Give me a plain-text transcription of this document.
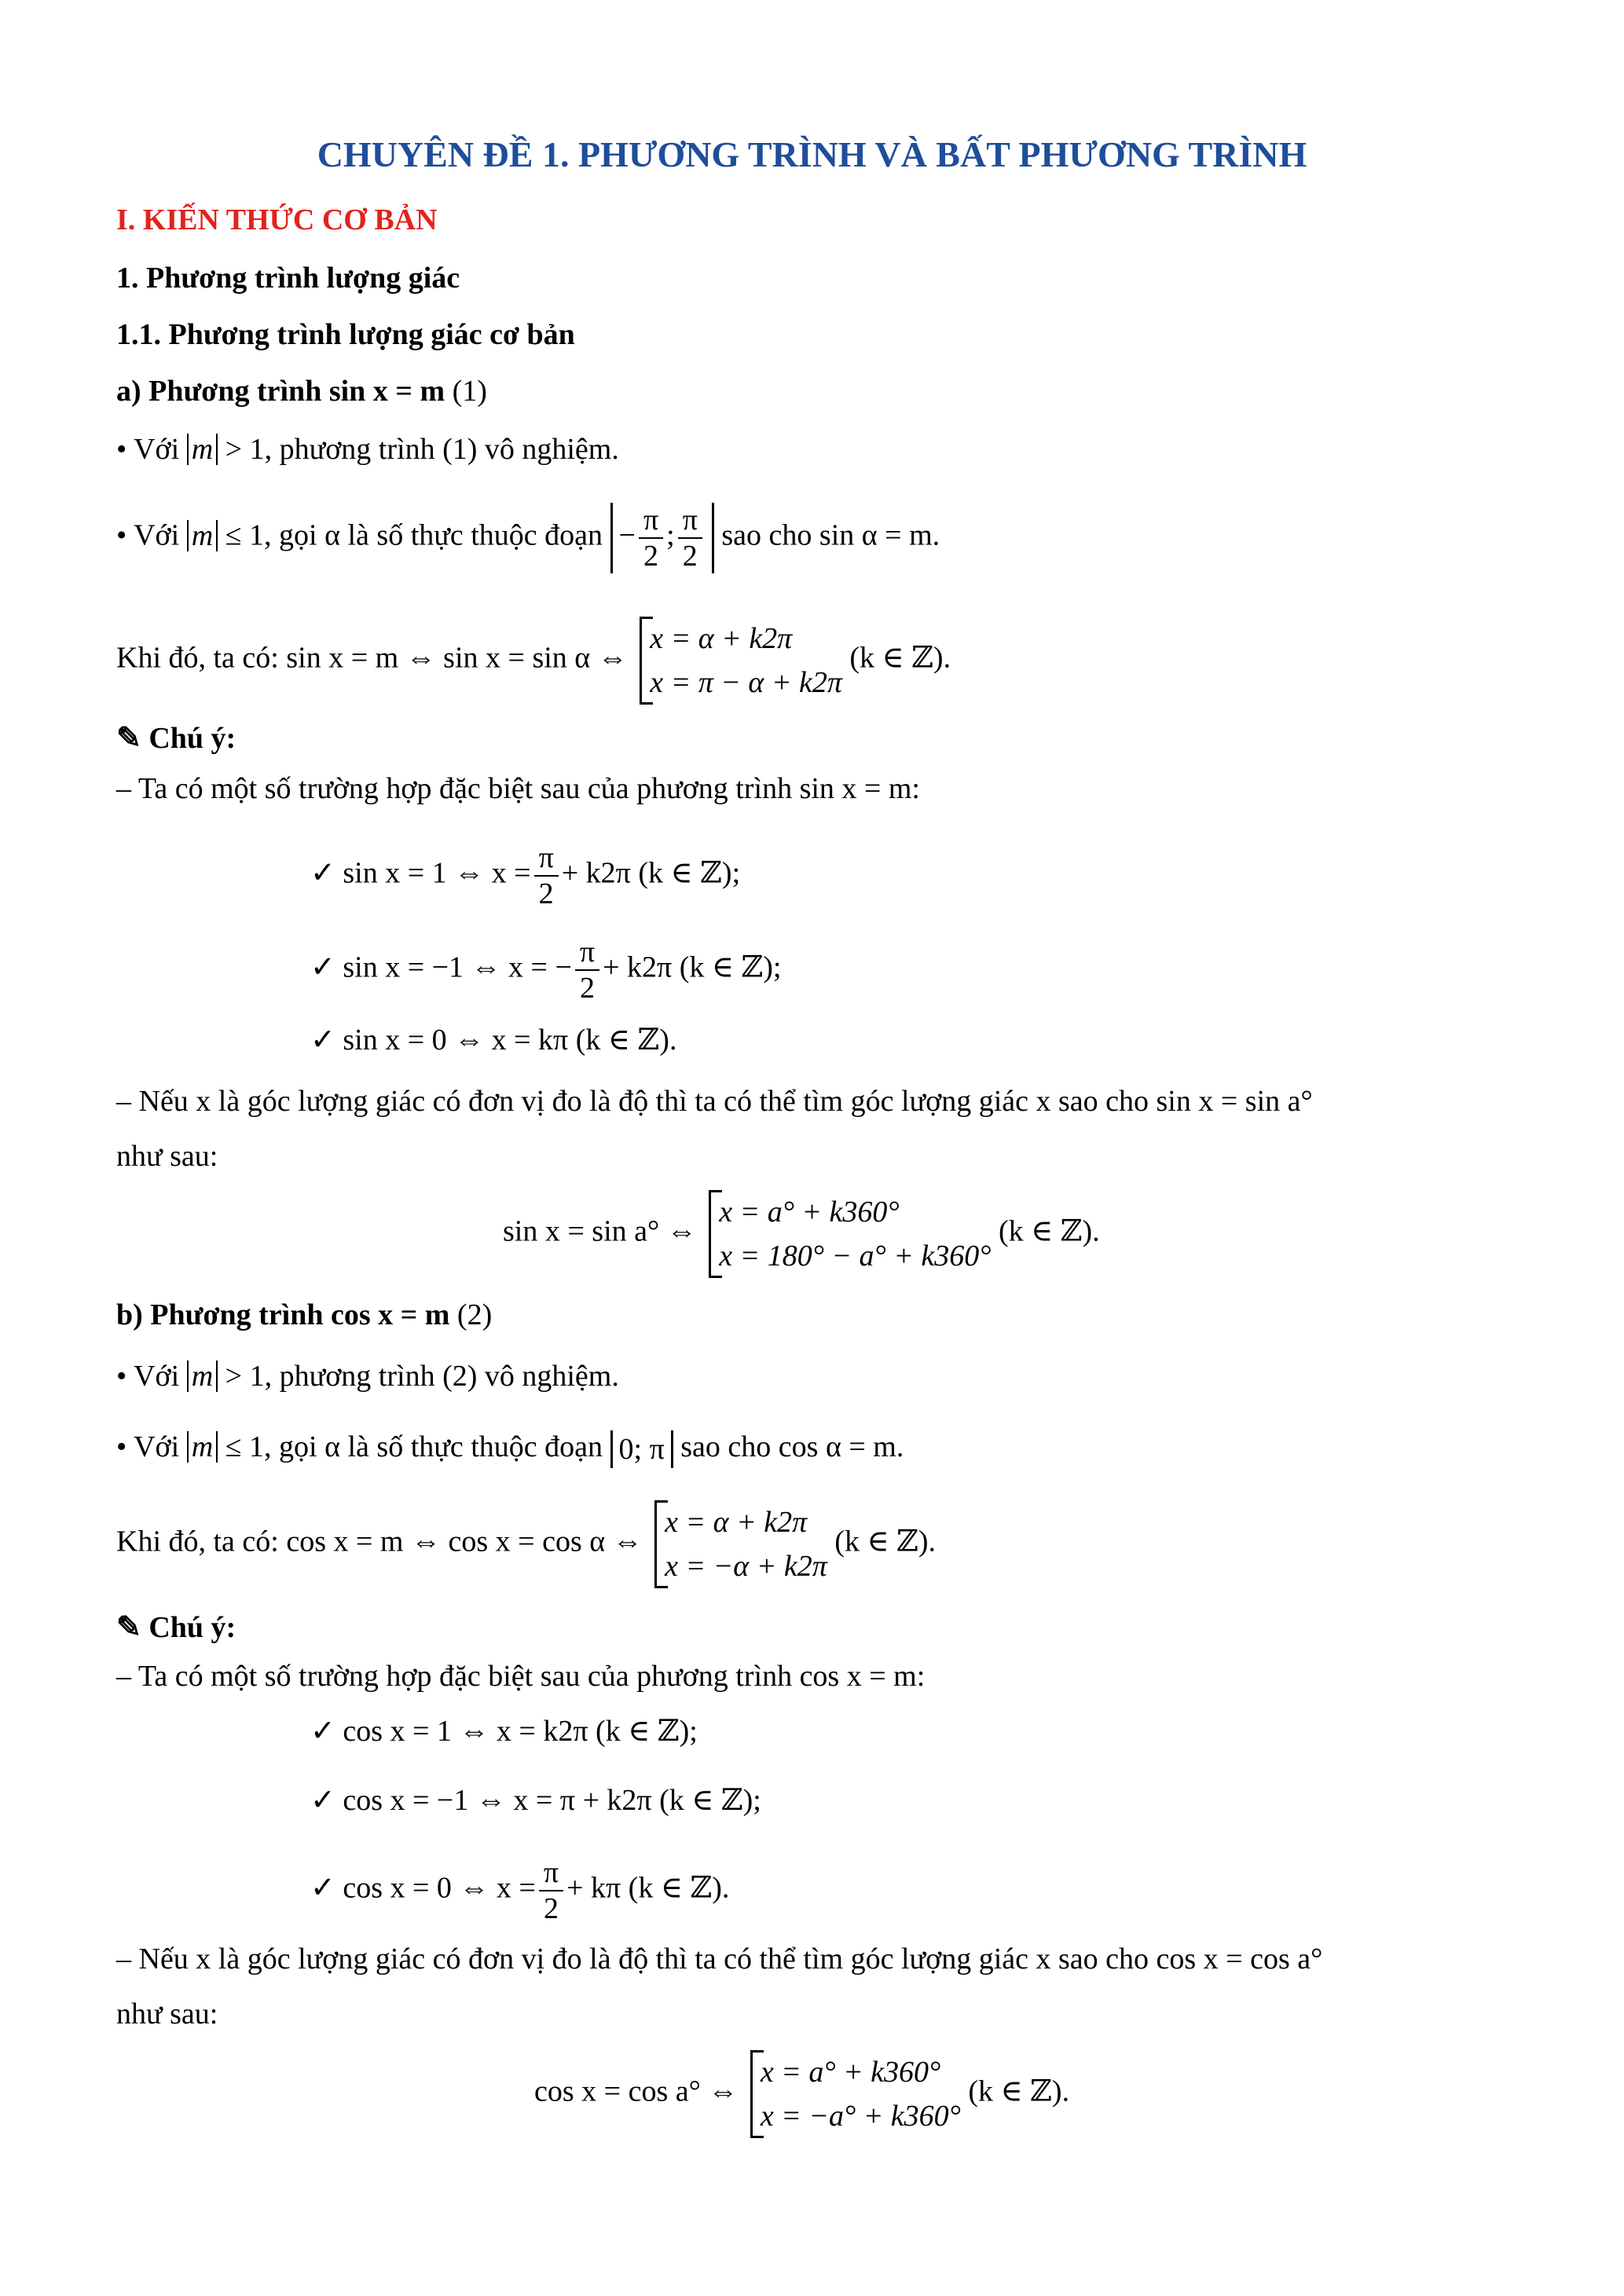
CHUYÊN ĐỀ 1. PHƯƠNG TRÌNH VÀ BẤT PHƯƠNG TRÌNH
I. KIẾN THỨC CƠ BẢN
1. Phương trình lượng giác
1.1. Phương trình lượng giác cơ bản
a) Phương trình sin x = m (1)
• Với m > 1, phương trình (1) vô nghiệm.
• Với m ≤ 1, gọi α là số thực thuộc đoạn − $\frac{\pi}{2}$ ; $\frac{\pi}{2}$ sao cho sin α = m.
Khi đó, ta có: sin x = m ⇔ sin x = sin α ⇔
x = α + k2π
x = π − α + k2π
(k ∈ ℤ).
✎ Chú ý:
– Ta có một số trường hợp đặc biệt sau của phương trình sin x = m:
✓ sin x = 1 ⇔ $x = \frac{\pi}{2} + k2\pi$ (k ∈ ℤ);
✓ sin x = −1 ⇔ x = − $\frac{\pi}{2} + k2\pi$ (k ∈ ℤ);
✓ sin x = 0 ⇔ x = kπ (k ∈ ℤ).
– Nếu x là góc lượng giác có đơn vị đo là độ thì ta có thể tìm góc lượng giác x sao cho sin x = sin a°
như sau:
sin x = sin a° ⇔
x = a° + k360°
x = 180° − a° + k360°
(k ∈ ℤ).
b) Phương trình cos x = m (2)
• Với m > 1, phương trình (2) vô nghiệm.
• Với m ≤ 1, gọi α là số thực thuộc đoạn 0; π sao cho cos α = m.
Khi đó, ta có: cos x = m ⇔ cos x = cos α ⇔
x = α + k2π
x = −α + k2π
(k ∈ ℤ).
✎ Chú ý:
– Ta có một số trường hợp đặc biệt sau của phương trình cos x = m:
✓ cos x = 1 ⇔ x = k2π (k ∈ ℤ);
✓ cos x = −1 ⇔ x = π + k2π (k ∈ ℤ);
✓ cos x = 0 ⇔ $x = \frac{\pi}{2} + k\pi$ (k ∈ ℤ).
– Nếu x là góc lượng giác có đơn vị đo là độ thì ta có thể tìm góc lượng giác x sao cho cos x = cos a°
như sau:
cos x = cos a° ⇔
x = a° + k360°
x = −a° + k360°
(k ∈ ℤ).
